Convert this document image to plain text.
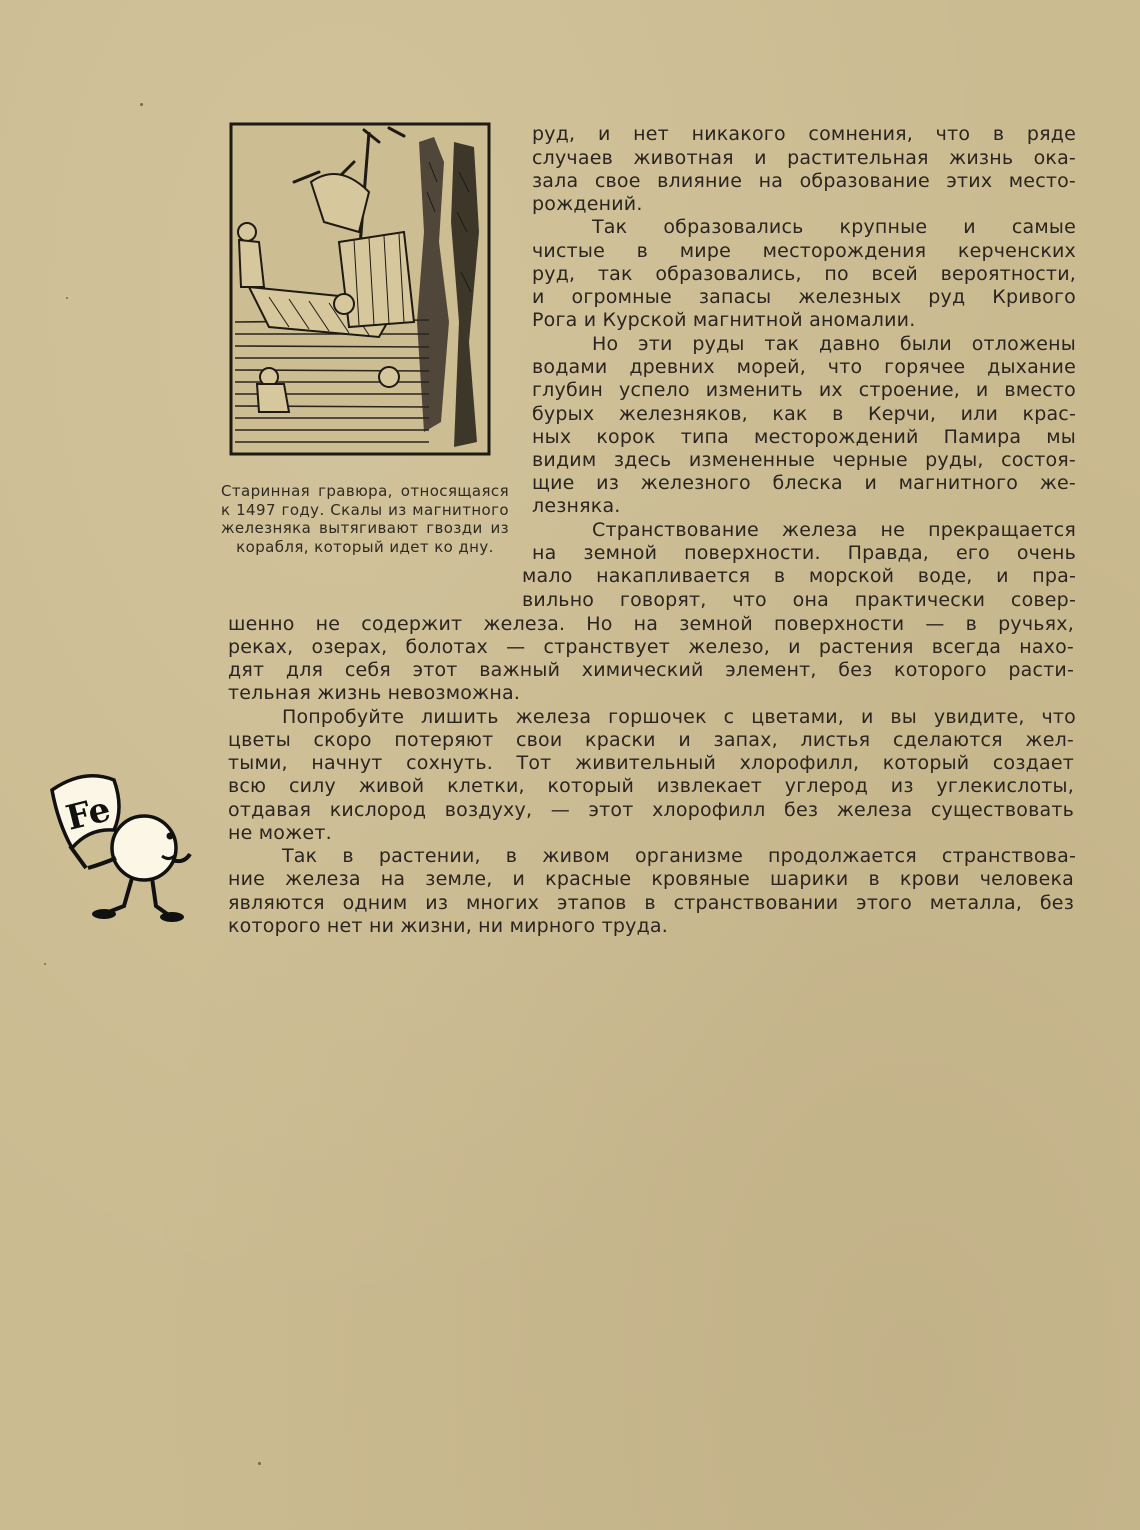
Старинная гравюра, относящаяся к 1497 году. Скалы из магнитного железняка вытягивают гвозди из корабля, который идет ко дну.
Fe
руд, и нет никакого сомнения, что в ряде
случаев животная и растительная жизнь ока-
зала свое влияние на образование этих место-
рождений.
Так образовались крупные и самые
чистые в мире месторождения керченских
руд, так образовались, по всей вероятности,
и огромные запасы железных руд Кривого
Рога и Курской магнитной аномалии.
Но эти руды так давно были отложены
водами древних морей, что горячее дыхание
глубин успело изменить их строение, и вместо
бурых железняков, как в Керчи, или крас-
ных корок типа месторождений Памира мы
видим здесь измененные черные руды, состоя-
щие из железного блеска и магнитного же-
лезняка.
Странствование железа не прекращается
на земной поверхности. Правда, его очень
мало накапливается в морской воде, и пра-
вильно говорят, что она практически совер-
шенно не содержит железа. Но на земной поверхности — в ручьях,
реках, озерах, болотах — странствует железо, и растения всегда нахо-
дят для себя этот важный химический элемент, без которого расти-
тельная жизнь невозможна.
Попробуйте лишить железа горшочек с цветами, и вы увидите, что
цветы скоро потеряют свои краски и запах, листья сделаются жел-
тыми, начнут сохнуть. Тот живительный хлорофилл, который создает
всю силу живой клетки, который извлекает углерод из углекислоты,
отдавая кислород воздуху, — этот хлорофилл без железа существовать
не может.
Так в растении, в живом организме продолжается странствова-
ние железа на земле, и красные кровяные шарики в крови человека
являются одним из многих этапов в странствовании этого металла, без
которого нет ни жизни, ни мирного труда.
